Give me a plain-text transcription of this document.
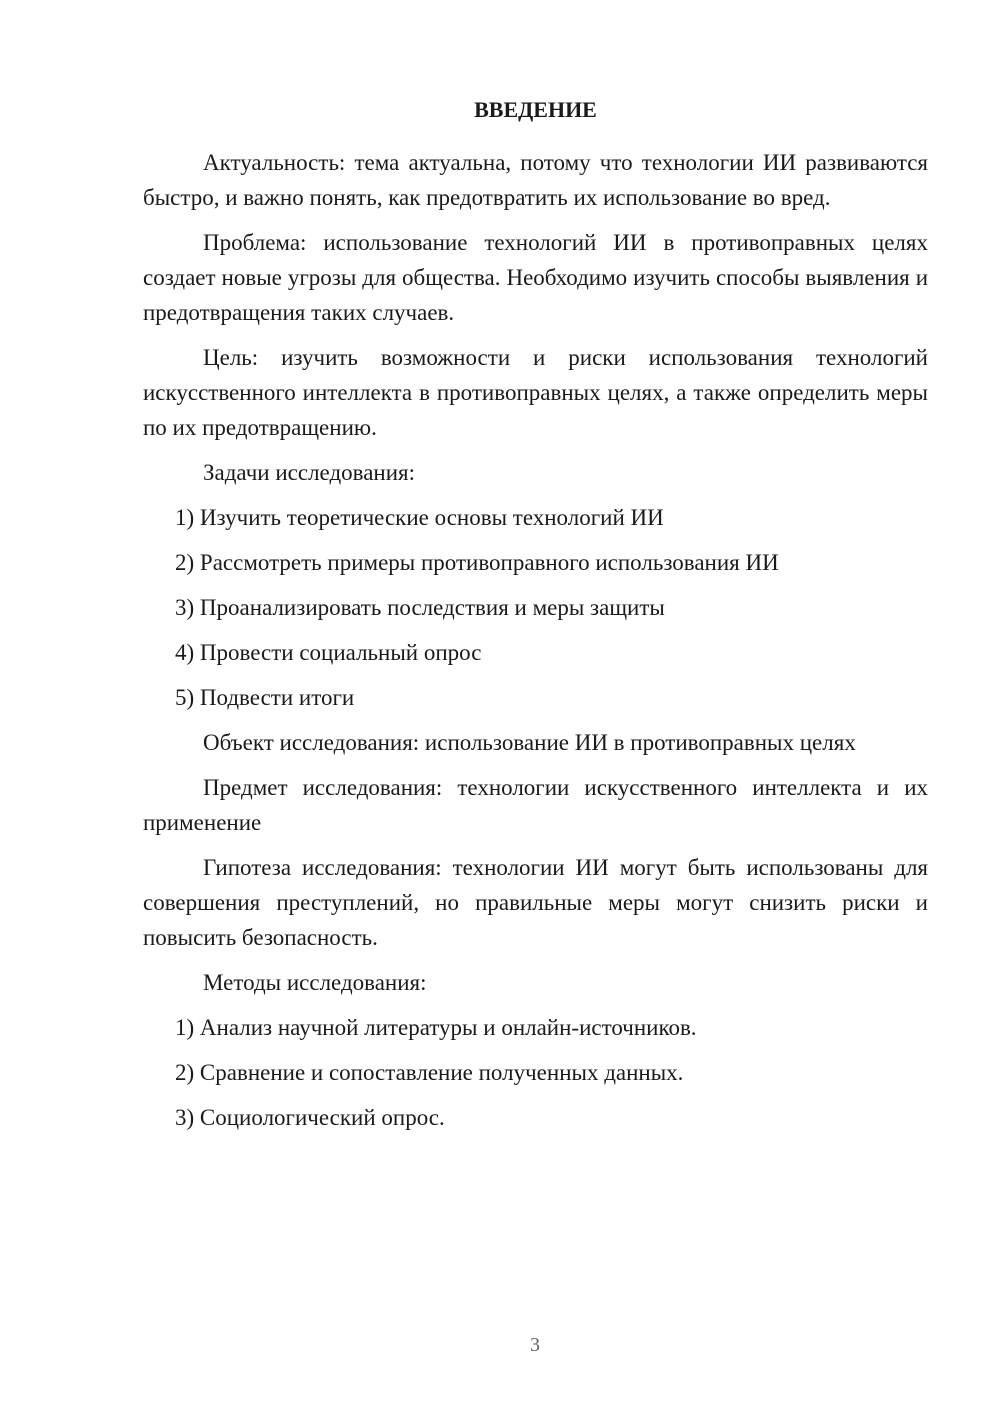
ВВЕДЕНИЕ

Актуальность: тема актуальна, потому что технологии ИИ развиваются быстро, и важно понять, как предотвратить их использование во вред.

Проблема: использование технологий ИИ в противоправных целях создает новые угрозы для общества. Необходимо изучить способы выявления и предотвращения таких случаев.

Цель: изучить возможности и риски использования технологий искусственного интеллекта в противоправных целях, а также определить меры по их предотвращению.

Задачи исследования:

1) Изучить теоретические основы технологий ИИ
2) Рассмотреть примеры противоправного использования ИИ
3) Проанализировать последствия и меры защиты
4) Провести социальный опрос
5) Подвести итоги

Объект исследования: использование ИИ в противоправных целях

Предмет исследования: технологии искусственного интеллекта и их применение

Гипотеза исследования: технологии ИИ могут быть использованы для совершения преступлений, но правильные меры могут снизить риски и повысить безопасность.

Методы исследования:

1) Анализ научной литературы и онлайн-источников.
2) Сравнение и сопоставление полученных данных.
3) Социологический опрос.
3
